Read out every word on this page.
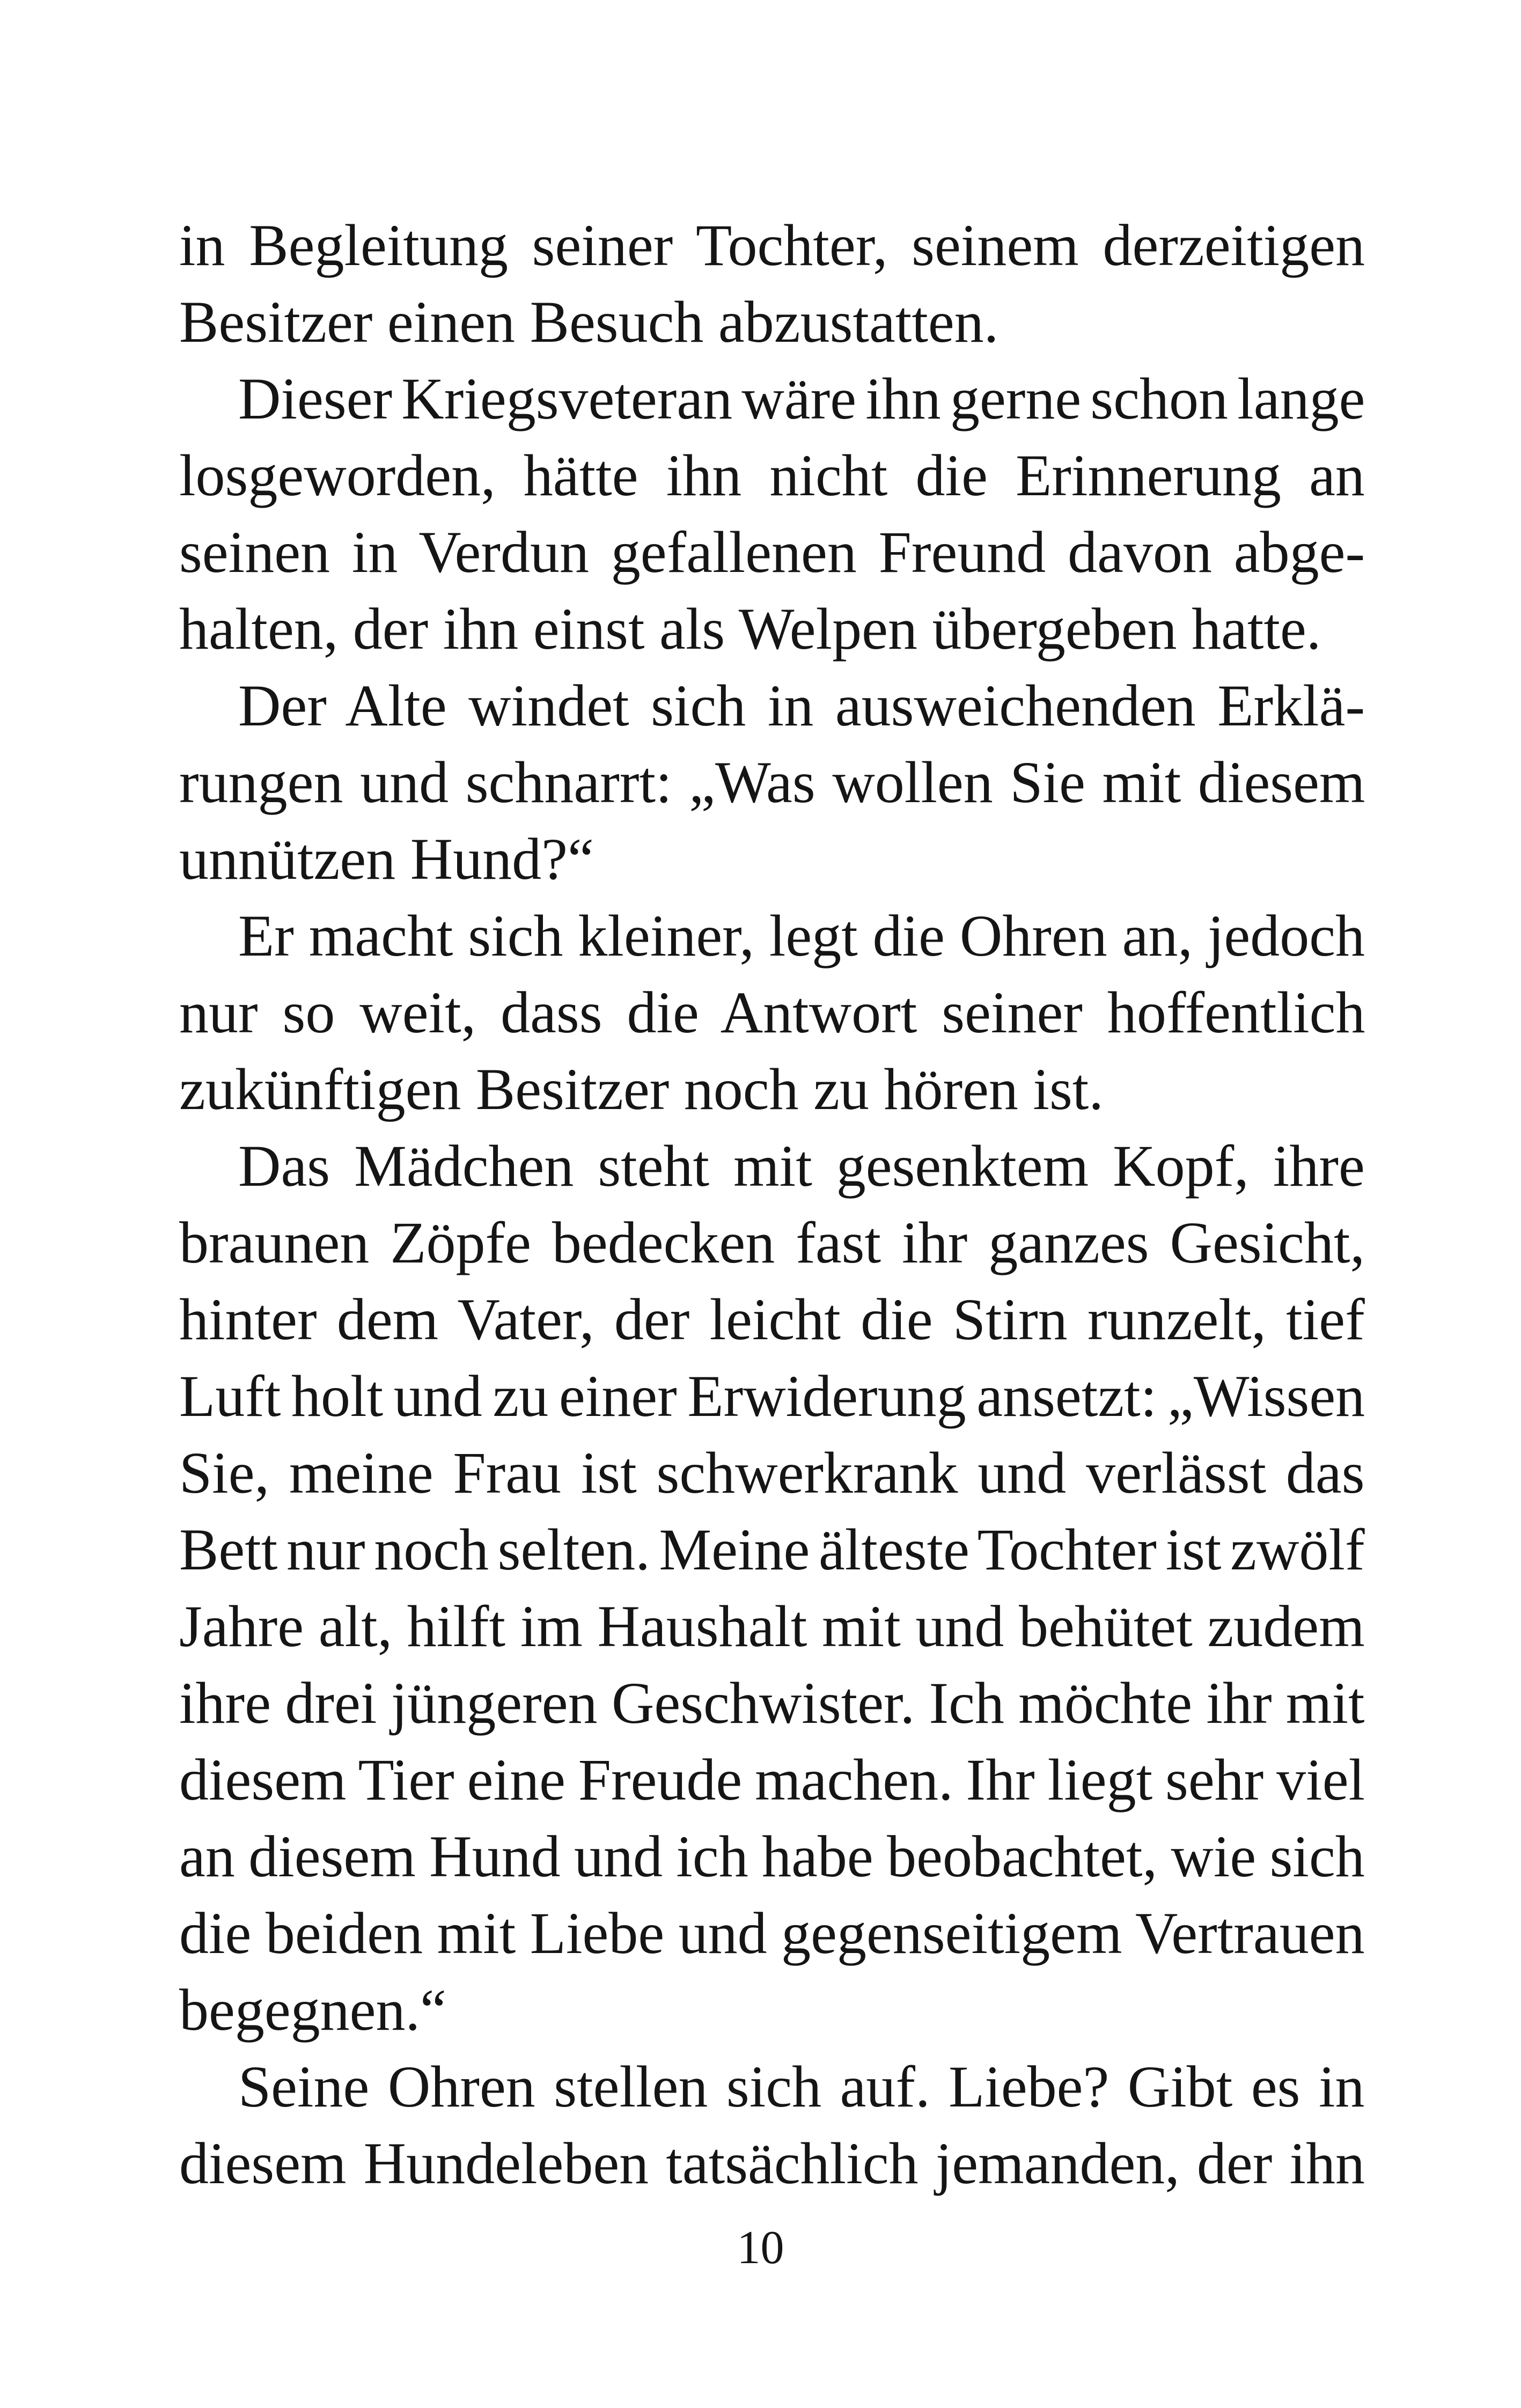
in Begleitung seiner Tochter, seinem derzeitigen
Besitzer einen Besuch abzustatten.
Dieser Kriegsveteran wäre ihn gerne schon lange
losgeworden, hätte ihn nicht die Erinnerung an
seinen in Verdun gefallenen Freund davon abge-
halten, der ihn einst als Welpen übergeben hatte.
Der Alte windet sich in ausweichenden Erklä-
rungen und schnarrt: „Was wollen Sie mit diesem
unnützen Hund?“
Er macht sich kleiner, legt die Ohren an, jedoch
nur so weit, dass die Antwort seiner hoffentlich
zukünftigen Besitzer noch zu hören ist.
Das Mädchen steht mit gesenktem Kopf, ihre
braunen Zöpfe bedecken fast ihr ganzes Gesicht,
hinter dem Vater, der leicht die Stirn runzelt, tief
Luft holt und zu einer Erwiderung ansetzt: „Wissen
Sie, meine Frau ist schwerkrank und verlässt das
Bett nur noch selten. Meine älteste Tochter ist zwölf
Jahre alt, hilft im Haushalt mit und behütet zudem
ihre drei jüngeren Geschwister. Ich möchte ihr mit
diesem Tier eine Freude machen. Ihr liegt sehr viel
an diesem Hund und ich habe beobachtet, wie sich
die beiden mit Liebe und gegenseitigem Vertrauen
begegnen.“
Seine Ohren stellen sich auf. Liebe? Gibt es in
diesem Hundeleben tatsächlich jemanden, der ihn
10
